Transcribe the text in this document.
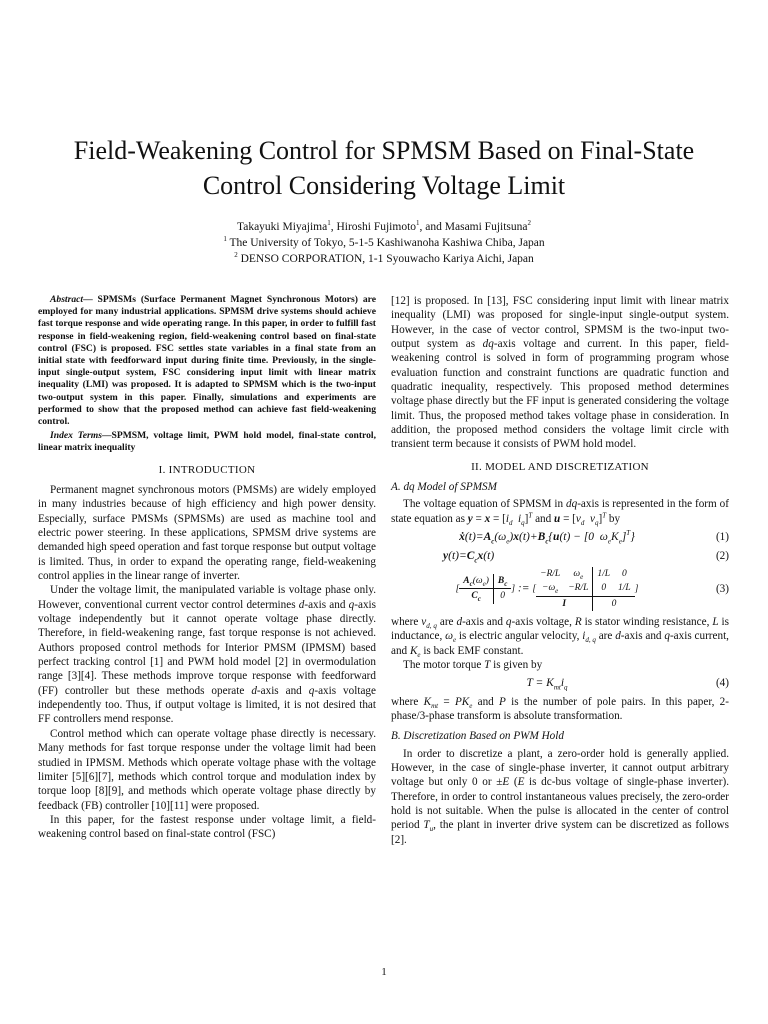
Field-Weakening Control for SPMSM Based on Final-State Control Considering Voltage Limit

Takayuki Miyajima$^1$, Hiroshi Fujimoto$^1$, and Masami Fujitsuna$^2$

$^1$ The University of Tokyo, 5-1-5 Kashiwanoha Kashiwa Chiba, Japan

$^2$ DENSO CORPORATION, 1-1 Syouwacho Kariya Aichi, Japan

Abstract— SPMSMs (Surface Permanent Magnet Synchronous Motors) are employed for many industrial applications. SPMSM drive systems should achieve fast torque response and wide operating range. In this paper, in order to fulfill fast response in field-weakening region, field-weakening control based on final-state control (FSC) is proposed. FSC settles state variables in a final state from an initial state with feedforward input during finite time. Previously, in the single-input single-output system, FSC considering input limit with linear matrix inequality (LMI) was proposed. It is adapted to SPMSM which is the two-input two-output system in this paper. Finally, simulations and experiments are performed to show that the proposed method can achieve fast field-weakening control.

Index Terms—SPMSM, voltage limit, PWM hold model, final-state control, linear matrix inequality

I. INTRODUCTION

Permanent magnet synchronous motors (PMSMs) are widely employed in many industries because of high efficiency and high power density. Especially, surface PMSMs (SPMSMs) are used as machine tool and electric power steering. In these applications, SPMSM drive systems are demanded high speed operation and fast torque response but output voltage is limited. Thus, in order to expand the operating range, field-weakening control applies in the linear range of inverter.

Under the voltage limit, the manipulated variable is voltage phase only. However, conventional current vector control determines d-axis and q-axis voltage independently but it cannot operate voltage phase directly. Therefore, in field-weakening range, fast torque response is not achieved. Authors proposed control methods for Interior PMSM (IPMSM) based perfect tracking control [1] and PWM hold model [2] in overmodulation range [3][4]. These methods improve torque response with feedforward (FF) controller but these methods operate d-axis and q-axis voltage independently too. Thus, if output voltage is limited, it is not desired that FF controllers mend response.

Control method which can operate voltage phase directly is necessary. Many methods for fast torque response under the voltage limit had been studied in IPMSM. Methods which operate voltage phase with the voltage limiter [5][6][7], methods which control torque and modulation index by torque loop [8][9], and methods which operate voltage phase directly by feedback (FB) controller [10][11] were proposed.

In this paper, for the fastest response under voltage limit, a field-weakening control based on final-state control (FSC)

[12] is proposed. In [13], FSC considering input limit with linear matrix inequality (LMI) was proposed for single-input single-output system. However, in the case of vector control, SPMSM is the two-input two-output system as dq-axis voltage and current. In this paper, field-weakening control is solved in form of programming program whose evaluation function and constraint functions are quadratic function and quadratic inequality, respectively. This proposed method determines voltage phase directly but the FF input is generated considering the voltage limit. Thus, the proposed method takes voltage phase in consideration. In addition, the proposed method considers the voltage limit circle with transient term because it consists of PWM hold model.

II. MODEL AND DISCRETIZATION

A. dq Model of SPMSM

The voltage equation of SPMSM in dq-axis is represented in the form of state equation as $y = x = [i_d$ $i_q]^T$ and $u = [v_d$ $v_q]^T$ by

$ẋ(t)=A_c(\omega_e)x(t)+B_c\{u(t) - [0$  $\omega_eK_e]^T$}	(1)
$y(t)=C_cx(t)$	(2)
[$A_c(\omega_e)$	$B_c$
$C_c$	0] := [−R/L	$\omega_e$	1/L	0
$-\omega_e$	−R/L	0	1/L
I		0	]	(3)

where $v_{d, q}$ are d-axis and q-axis voltage, R is stator winding resistance, L is inductance, $\omega_e$ is electric angular velocity, $i_{d, q}$ are d-axis and q-axis current, and $K_e$ is back EMF constant.

The motor torque T is given by

$T = K_{mt}i_q$	(4)

where $K_{mt} = PK_e$ and P is the number of pole pairs. In this paper, 2-phase/3-phase transform is absolute transformation.

B. Discretization Based on PWM Hold

In order to discretize a plant, a zero-order hold is generally applied. However, in the case of single-phase inverter, it cannot output arbitrary voltage but only 0 or ±E (E is dc-bus voltage of single-phase inverter). Therefore, in order to control instantaneous values precisely, the zero-order hold is not suitable. When the pulse is allocated in the center of control period $T_u$, the plant in inverter drive system can be discretized as follows [2].

1
